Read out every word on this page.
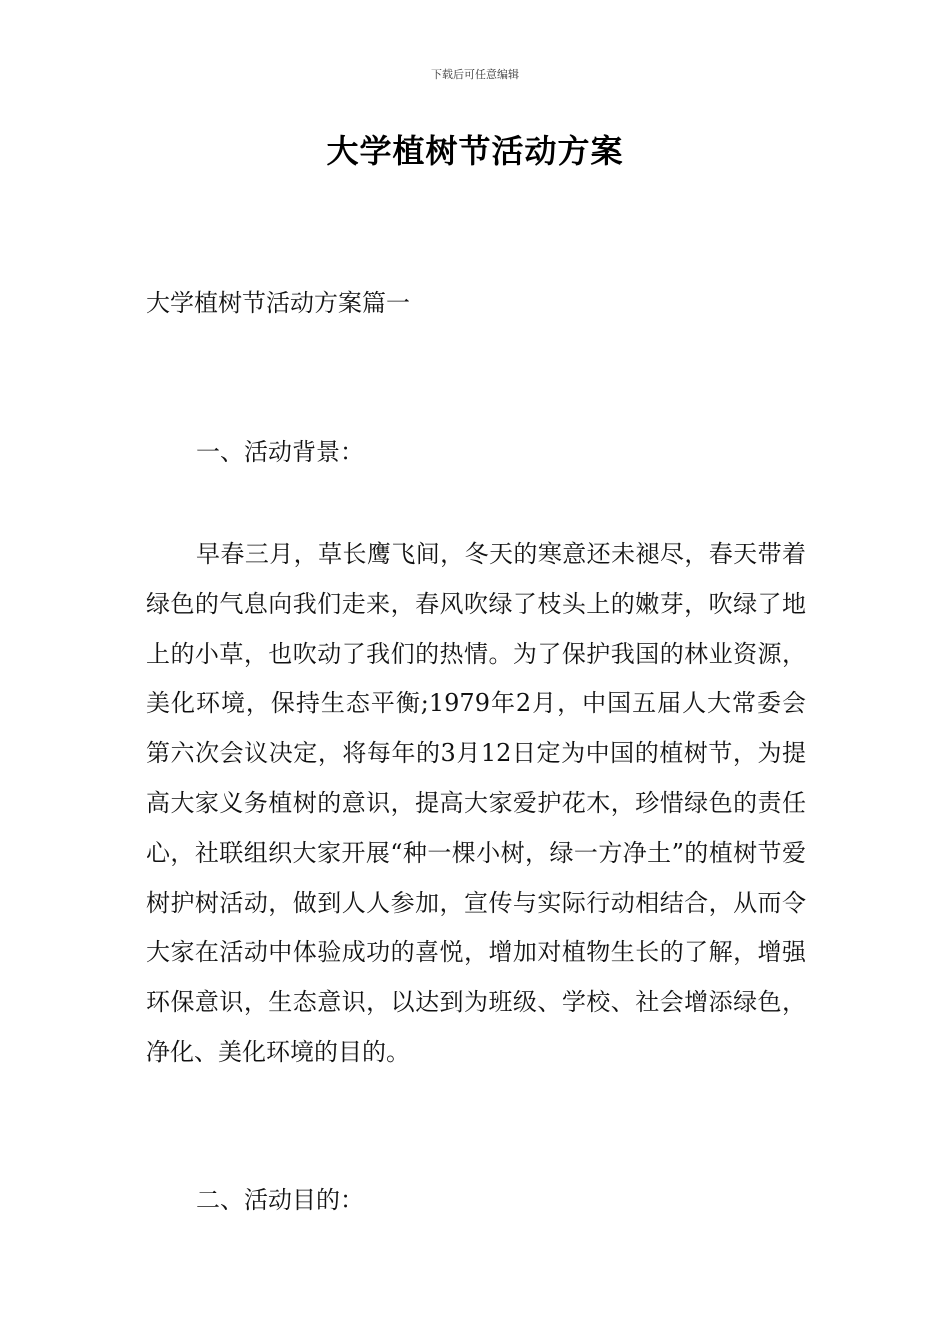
下载后可任意编辑
大学植树节活动方案
大学植树节活动方案篇一
一、活动背景：

早春三月，草长鹰飞间，冬天的寒意还未褪尽，春天带着绿色的气息向我们走来，春风吹绿了枝头上的嫩芽，吹绿了地上的小草，也吹动了我们的热情。为了保护我国的林业资源，美化环境，保持生态平衡;1979年2月，中国五届人大常委会第六次会议决定，将每年的3月12日定为中国的植树节，为提高大家义务植树的意识，提高大家爱护花木，珍惜绿色的责任心，社联组织大家开展“种一棵小树，绿一方净土”的植树节爱树护树活动，做到人人参加，宣传与实际行动相结合，从而令大家在活动中体验成功的喜悦，增加对植物生长的了解，增强环保意识，生态意识，以达到为班级、学校、社会增添绿色，净化、美化环境的目的。

二、活动目的：
